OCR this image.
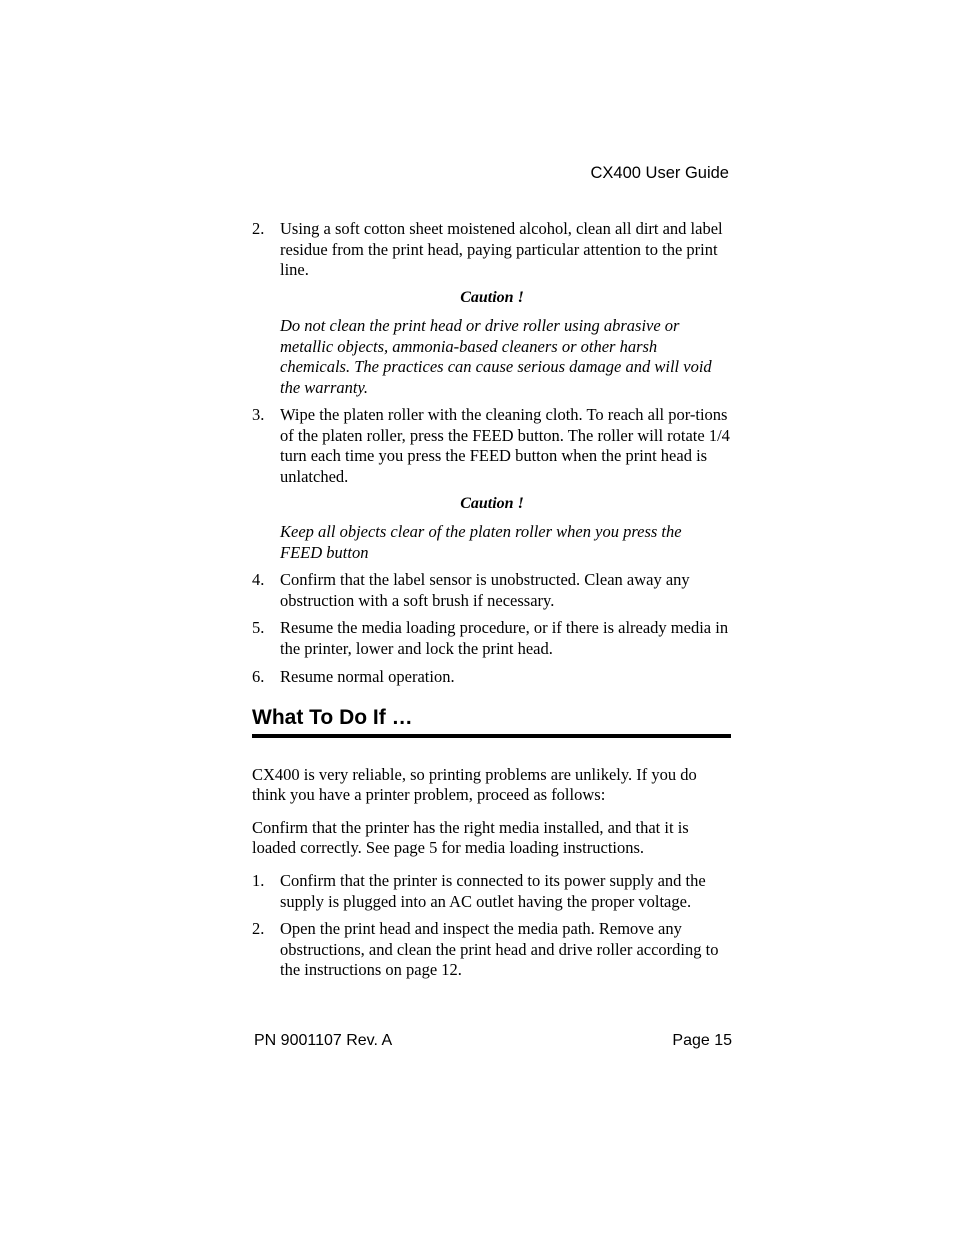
CX400 User Guide
2. Using a soft cotton sheet moistened alcohol, clean all dirt and label residue from the print head, paying particular attention to the print line.
Caution !
Do not clean the print head or drive roller using abrasive or metallic objects, ammonia-based cleaners or other harsh chemicals. The practices can cause serious damage and will void the warranty.
3. Wipe the platen roller with the cleaning cloth. To reach all por-tions of the platen roller, press the FEED button. The roller will rotate 1/4 turn each time you press the FEED button when the print head is unlatched.
Caution !
Keep all objects clear of the platen roller when you press the FEED button
4. Confirm that the label sensor is unobstructed. Clean away any obstruction with a soft brush if necessary.
5. Resume the media loading procedure, or if there is already media in the printer, lower and lock the print head.
6. Resume normal operation.
What To Do If …
CX400 is very reliable, so printing problems are unlikely. If you do think you have a printer problem, proceed as follows:
Confirm that the printer has the right media installed, and that it is loaded correctly. See page 5 for media loading instructions.
1. Confirm that the printer is connected to its power supply and the supply is plugged into an AC outlet having the proper voltage.
2. Open the print head and inspect the media path. Remove any obstructions, and clean the print head and drive roller according to the instructions on page 12.
PN 9001107 Rev. A	Page 15
